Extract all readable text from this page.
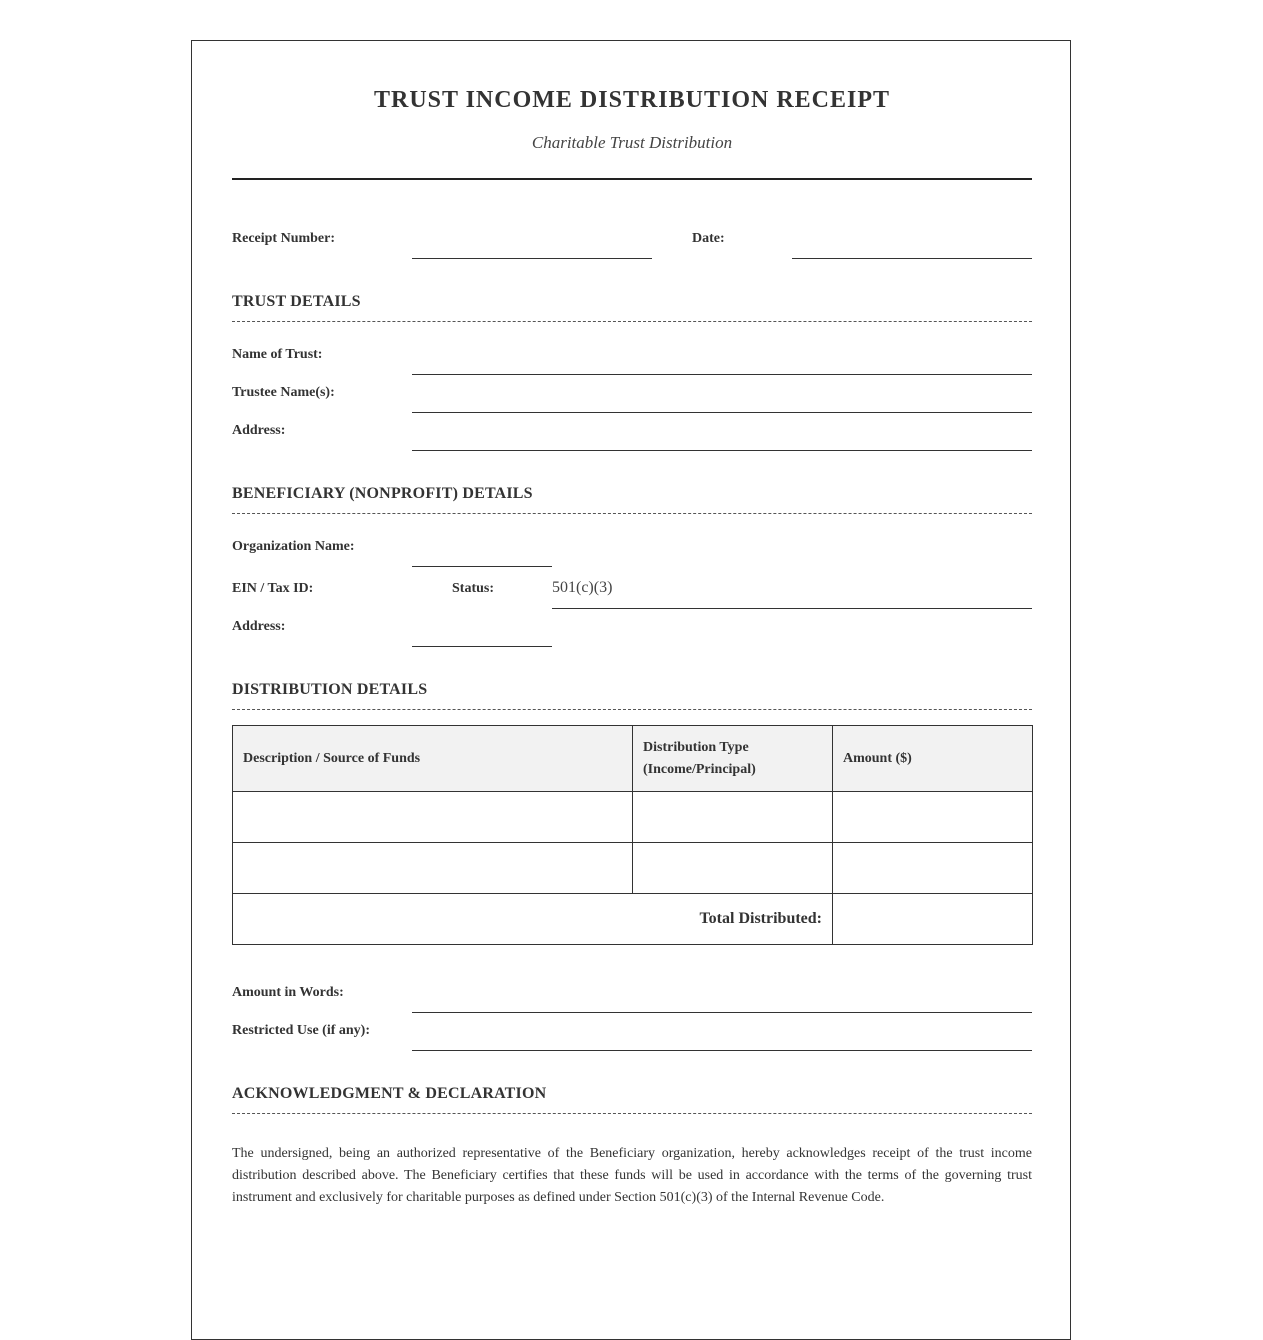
TRUST INCOME DISTRIBUTION RECEIPT
Charitable Trust Distribution
Receipt Number:	Date:
TRUST DETAILS
Name of Trust:
Trustee Name(s):
Address:
BENEFICIARY (NONPROFIT) DETAILS
Organization Name:
EIN / Tax ID:	Status:	501(c)(3)
Address:
DISTRIBUTION DETAILS
Description / Source of Funds	Distribution Type (Income/Principal)	Amount ($)

Total Distributed:		
Amount in Words:
Restricted Use (if any):
ACKNOWLEDGMENT & DECLARATION
The undersigned, being an authorized representative of the Beneficiary organization, hereby acknowledges receipt of the trust income distribution described above. The Beneficiary certifies that these funds will be used in accordance with the terms of the governing trust instrument and exclusively for charitable purposes as defined under Section 501(c)(3) of the Internal Revenue Code.
